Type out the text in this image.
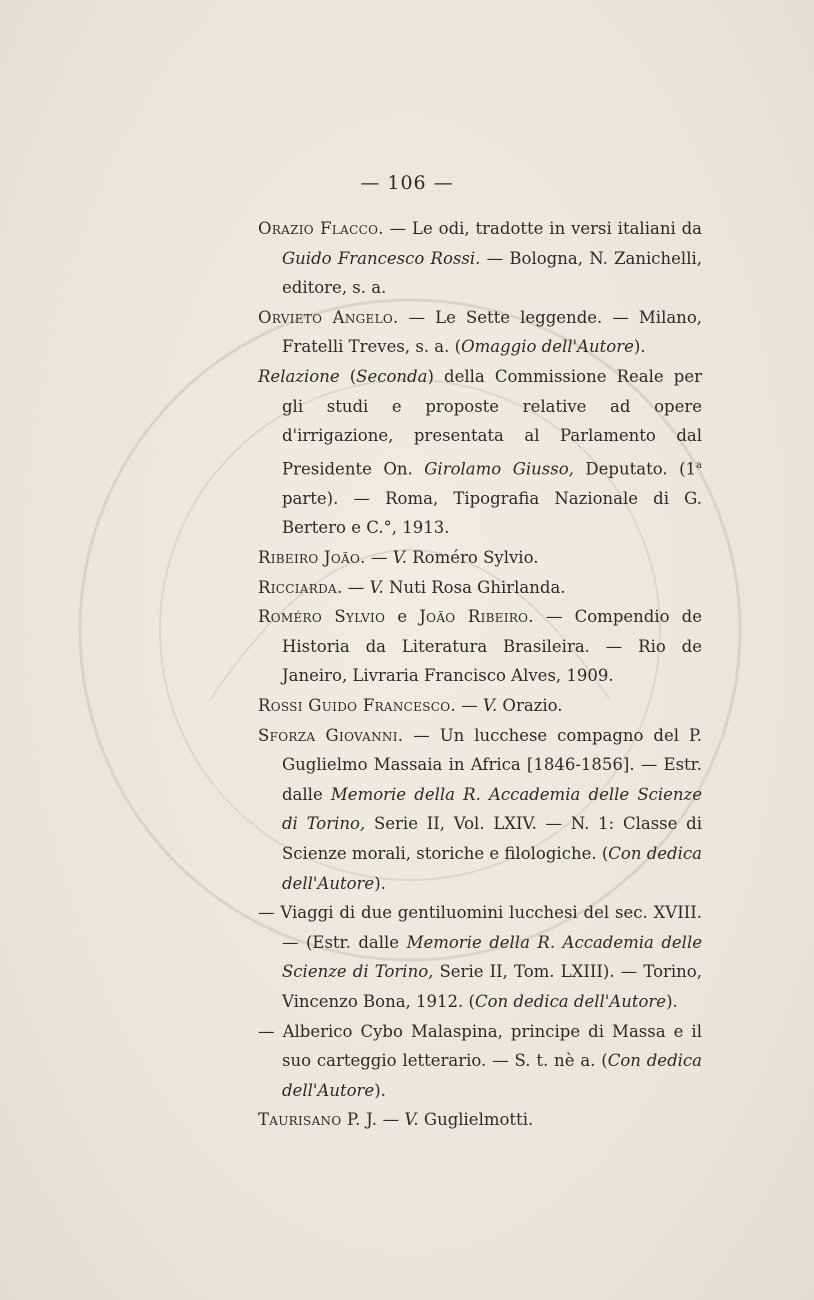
— 106 —

Orazio Flacco. — Le odi, tradotte in versi italiani da Guido Francesco Rossi. — Bologna, N. Zanichelli, editore, s. a.

Orvieto Angelo. — Le Sette leggende. — Milano, Fratelli Treves, s. a. (Omaggio dell'Autore).

Relazione (Seconda) della Commissione Reale per gli studi e proposte relative ad opere d'irrigazione, presentata al Parlamento dal Presidente On. Girolamo Giusso, Deputato. (1$^a$ parte). — Roma, Tipografia Nazionale di G. Bertero e C.°, 1913.

Ribeiro João. — V. Roméro Sylvio.

Ricciarda. — V. Nuti Rosa Ghirlanda.

Roméro Sylvio e João Ribeiro. — Compendio de Historia da Literatura Brasileira. — Rio de Janeiro, Livraria Francisco Alves, 1909.

Rossi Guido Francesco. — V. Orazio.

Sforza Giovanni. — Un lucchese compagno del P. Guglielmo Massaia in Africa [1846-1856]. — Estr. dalle Memorie della R. Accademia delle Scienze di Torino, Serie II, Vol. LXIV. — N. 1: Classe di Scienze morali, storiche e filologiche. (Con dedica dell'Autore).

— Viaggi di due gentiluomini lucchesi del sec. XVIII. — (Estr. dalle Memorie della R. Accademia delle Scienze di Torino, Serie II, Tom. LXIII). — Torino, Vincenzo Bona, 1912. (Con dedica dell'Autore).

— Alberico Cybo Malaspina, principe di Massa e il suo carteggio letterario. — S. t. nè a. (Con dedica dell'Autore).

Taurisano P. J. — V. Guglielmotti.
